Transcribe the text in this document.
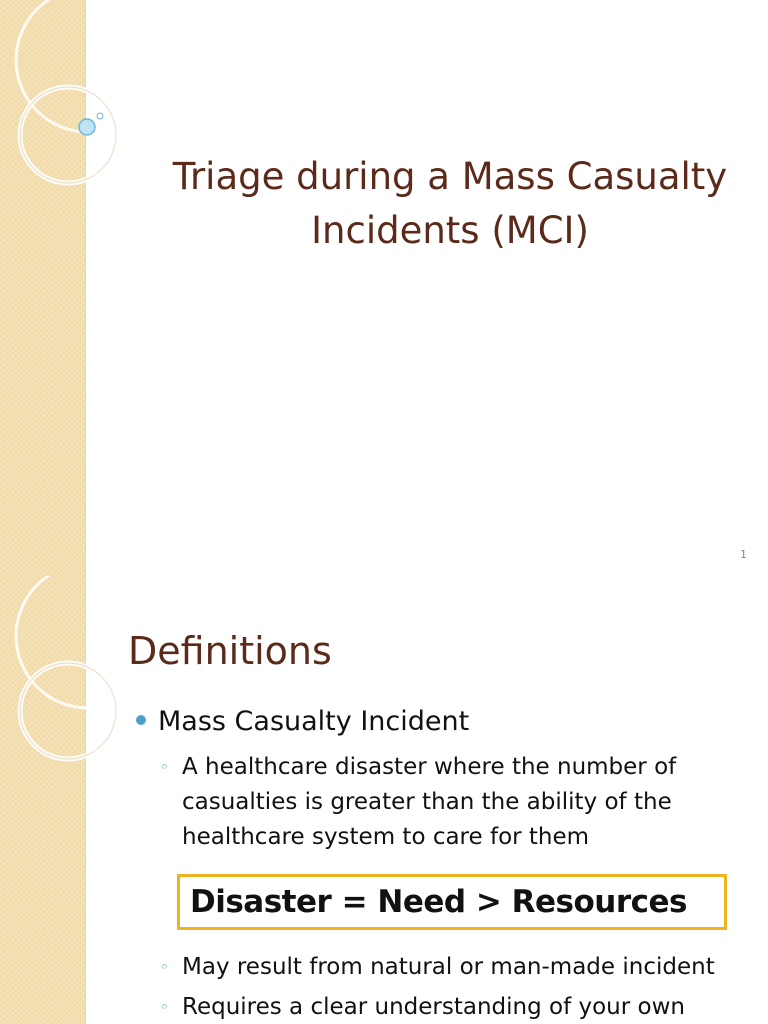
Triage during a Mass Casualty
Incidents (MCI)
1
Definitions
Mass Casualty Incident
◦ A healthcare disaster where the number of casualties is greater than the ability of the healthcare system to care for them
Disaster = Need > Resources
◦ May result from natural or man-made incident
◦ Requires a clear understanding of your own
